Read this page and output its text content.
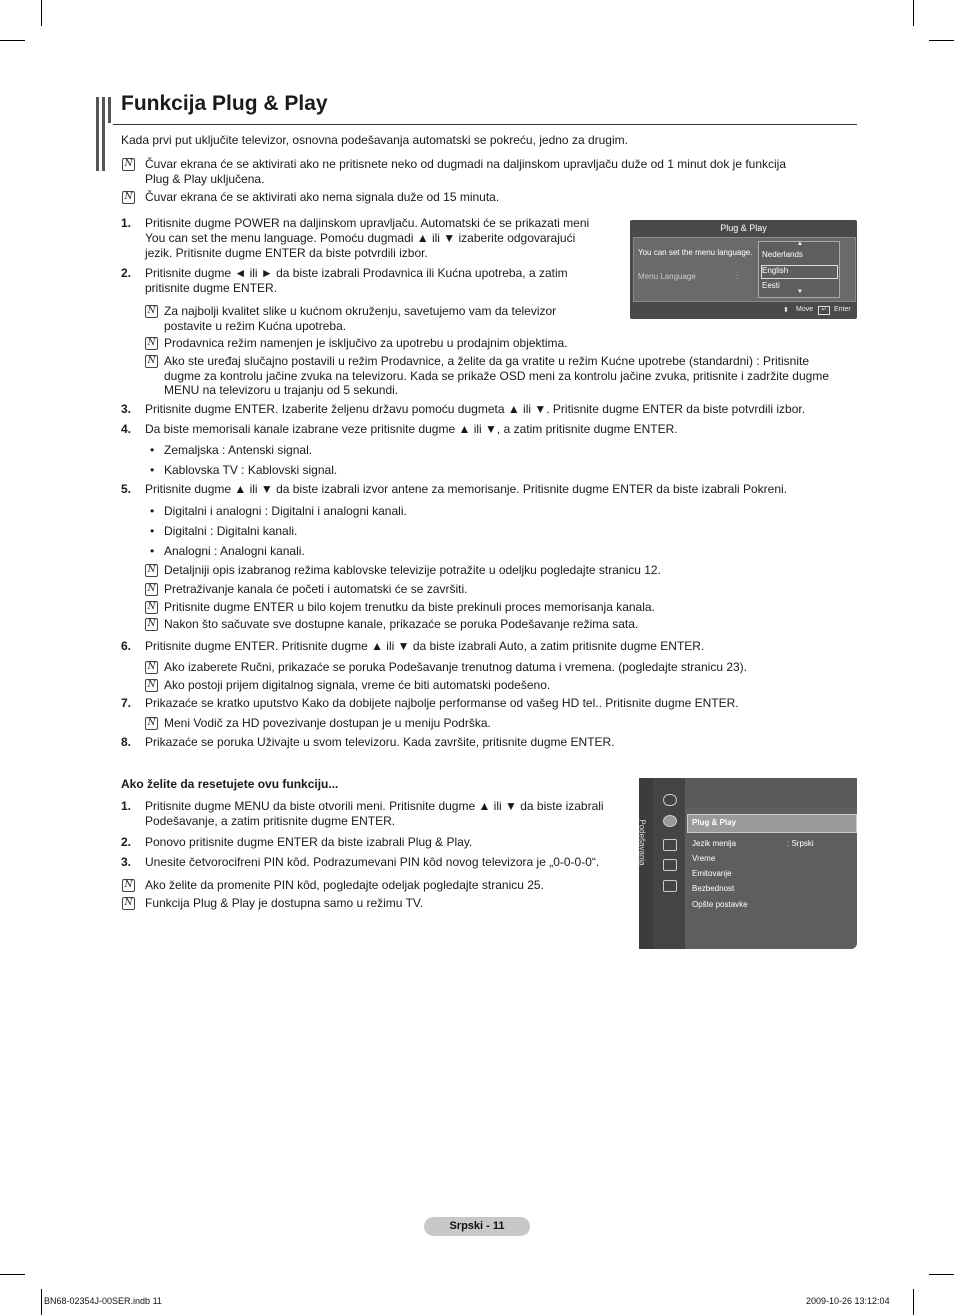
Funkcija Plug & Play
Kada prvi put uključite televizor, osnovna podešavanja automatski se pokreću, jedno za drugim.
N Čuvar ekrana će se aktivirati ako ne pritisnete neko od dugmadi na daljinskom upravljaču duže od 1 minut dok je funkcija
Plug & Play uključena.
N Čuvar ekrana će se aktivirati ako nema signala duže od 15 minuta.
1. Pritisnite dugme POWER na daljinskom upravljaču. Automatski će se prikazati meni
You can set the menu language. Pomoću dugmadi ▲ ili ▼ izaberite odgovarajući
jezik. Pritisnite dugme ENTER da biste potvrdili izbor.
2. Pritisnite dugme ◄ ili ► da biste izabrali Prodavnica ili Kućna upotreba, a zatim
pritisnite dugme ENTER.
N Za najbolji kvalitet slike u kućnom okruženju, savetujemo vam da televizor
postavite u režim Kućna upotreba.
N Prodavnica režim namenjen je isključivo za upotrebu u prodajnim objektima.
N Ako ste uređaj slučajno postavili u režim Prodavnice, a želite da ga vratite u režim Kućne upotrebe (standardni) : Pritisnite
dugme za kontrolu jačine zvuka na televizoru. Kada se prikaže OSD meni za kontrolu jačine zvuka, pritisnite i zadržite dugme
MENU na televizoru u trajanju od 5 sekundi.
3. Pritisnite dugme ENTER. Izaberite željenu državu pomoću dugmeta ▲ ili ▼. Pritisnite dugme ENTER da biste potvrdili izbor.
4. Da biste memorisali kanale izabrane veze pritisnite dugme ▲ ili ▼, a zatim pritisnite dugme ENTER.
• Zemaljska : Antenski signal.
• Kablovska TV : Kablovski signal.
5. Pritisnite dugme ▲ ili ▼ da biste izabrali izvor antene za memorisanje. Pritisnite dugme ENTER da biste izabrali Pokreni.
• Digitalni i analogni : Digitalni i analogni kanali.
• Digitalni : Digitalni kanali.
• Analogni : Analogni kanali.
N Detaljniji opis izabranog režima kablovske televizije potražite u odeljku pogledajte stranicu 12.
N Pretraživanje kanala će početi i automatski će se završiti.
N Pritisnite dugme ENTER u bilo kojem trenutku da biste prekinuli proces memorisanja kanala.
N Nakon što sačuvate sve dostupne kanale, prikazaće se poruka Podešavanje režima sata.
6. Pritisnite dugme ENTER. Pritisnite dugme ▲ ili ▼ da biste izabrali Auto, a zatim pritisnite dugme ENTER.
N Ako izaberete Ručni, prikazaće se poruka Podešavanje trenutnog datuma i vremena. (pogledajte stranicu 23).
N Ako postoji prijem digitalnog signala, vreme će biti automatski podešeno.
7. Prikazaće se kratko uputstvo Kako da dobijete najbolje performanse od vašeg HD tel.. Pritisnite dugme ENTER.
N Meni Vodič za HD povezivanje dostupan je u meniju Podrška.
8. Prikazaće se poruka Uživajte u svom televizoru. Kada završite, pritisnite dugme ENTER.
Ako želite da resetujete ovu funkciju...
1. Pritisnite dugme MENU da biste otvorili meni. Pritisnite dugme ▲ ili ▼ da biste izabrali
Podešavanje, a zatim pritisnite dugme ENTER.
2. Ponovo pritisnite dugme ENTER da biste izabrali Plug & Play.
3. Unesite četvorocifreni PIN kôd. Podrazumevani PIN kôd novog televizora je „0-0-0-0“.
N Ako želite da promenite PIN kôd, pogledajte odeljak pogledajte stranicu 25.
N Funkcija Plug & Play je dostupna samo u režimu TV.
Plug & Play
You can set the menu language.
Menu Language	:
▲
Nederlands
English
Eesti
▼
⬍ Move	↵	Enter
Podešavanja	Plug & Play
Jezik menija	: Srpski
Vreme
Emitovanje
Bezbednost
Opšte postavke
Srpski - 11
BN68-02354J-00SER.indb 11	2009-10-26 13:12:04
